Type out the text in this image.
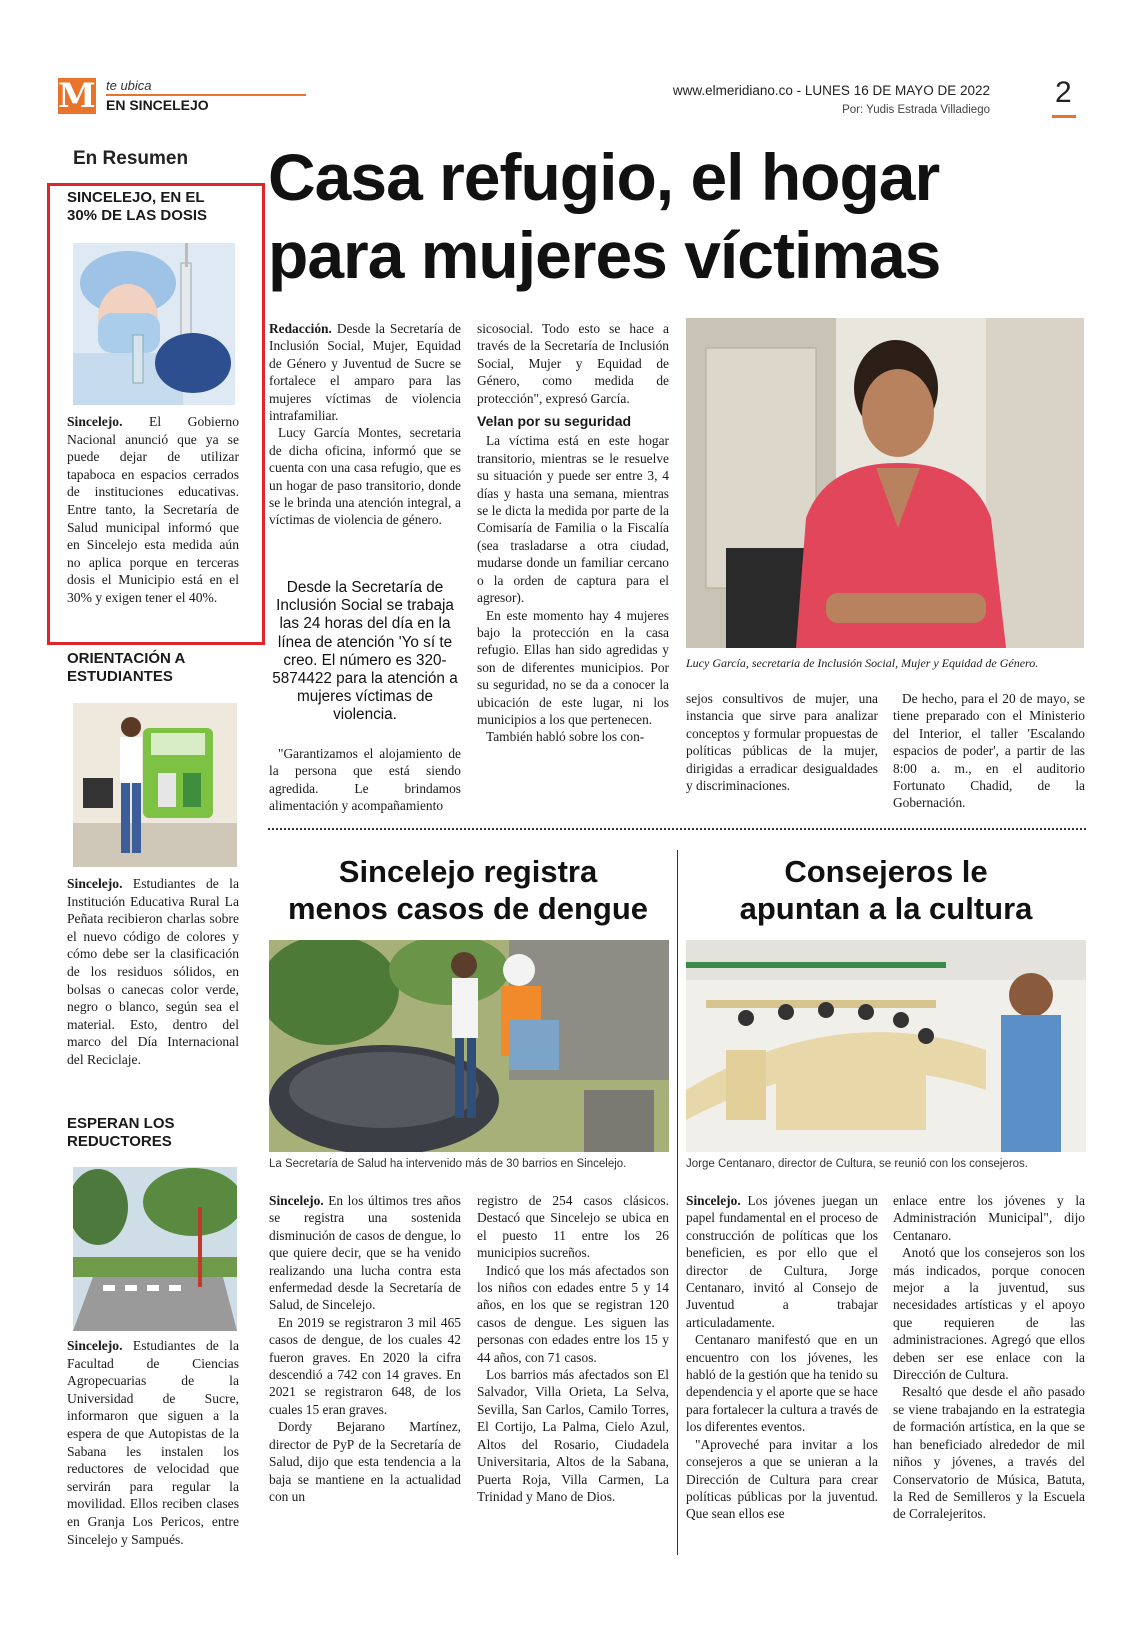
M te ubica
EN SINCELEJO
www.elmeridiano.co - LUNES 16 DE MAYO DE 2022
Por: Yudis Estrada Villadiego
2
En Resumen
SINCELEJO, EN EL 30% DE LAS DOSIS
Sincelejo. El Gobierno Nacional anunció que ya se puede dejar de utilizar tapaboca en espacios cerrados de instituciones educativas. Entre tanto, la Secretaría de Salud municipal informó que en Sincelejo esta medida aún no aplica porque en terceras dosis el Municipio está en el 30% y exigen tener el 40%.
ORIENTACIÓN A ESTUDIANTES
Sincelejo. Estudiantes de la Institución Educativa Rural La Peñata recibieron charlas sobre el nuevo código de colores y cómo debe ser la clasificación de los residuos sólidos, en bolsas o canecas color verde, negro o blanco, según sea el material. Esto, dentro del marco del Día Internacional del Reciclaje.
ESPERAN LOS REDUCTORES
Sincelejo. Estudiantes de la Facultad de Ciencias Agropecuarias de la Universidad de Sucre, informaron que siguen a la espera de que Autopistas de la Sabana les instalen los reductores de velocidad que servirán para regular la movilidad. Ellos reciben clases en Granja Los Pericos, entre Sincelejo y Sampués.
Casa refugio, el hogar
para mujeres víctimas

Redacción. Desde la Secretaría de Inclusión Social, Mujer, Equidad de Género y Juventud de Sucre se fortalece el amparo para las mujeres víctimas de violencia intrafamiliar.

Lucy García Montes, secretaria de dicha oficina, informó que se cuenta con una casa refugio, que es un hogar de paso transitorio, donde se le brinda una atención integral, a víctimas de violencia de género.

Desde la Secretaría de Inclusión Social se trabaja las 24 horas del día en la línea de atención 'Yo sí te creo. El número es 320-5874422 para la atención a mujeres víctimas de violencia.

"Garantizamos el alojamiento de la persona que está siendo agredida. Le brindamos alimentación y acompañamiento

sicosocial. Todo esto se hace a través de la Secretaría de Inclusión Social, Mujer y Equidad de Género, como medida de protección", expresó García.

Velan por su seguridad

La víctima está en este hogar transitorio, mientras se le resuelve su situación y puede ser entre 3, 4 días y hasta una semana, mientras se le dicta la medida por parte de la Comisaría de Familia o la Fiscalía (sea trasladarse a otra ciudad, mudarse donde un familiar cercano o la orden de captura para el agresor).

En este momento hay 4 mujeres bajo la protección en la casa refugio. Ellas han sido agredidas y son de diferentes municipios. Por su seguridad, no se da a conocer la ubicación de este lugar, ni los municipios a los que pertenecen.

También habló sobre los con-

Lucy García, secretaria de Inclusión Social, Mujer y Equidad de Género.

sejos consultivos de mujer, una instancia que sirve para analizar conceptos y formular propuestas de políticas públicas de la mujer, dirigidas a erradicar desigualdades y discriminaciones.

De hecho, para el 20 de mayo, se tiene preparado con el Ministerio del Interior, el taller 'Escalando espacios de poder', a partir de las 8:00 a. m., en el auditorio Fortunato Chadid, de la Gobernación.

Sincelejo registra
menos casos de dengue
La Secretaría de Salud ha intervenido más de 30 barrios en Sincelejo.

Sincelejo. En los últimos tres años se registra una sostenida disminución de casos de dengue, lo que quiere decir, que se ha venido realizando una lucha contra esta enfermedad desde la Secretaría de Salud, de Sincelejo.

En 2019 se registraron 3 mil 465 casos de dengue, de los cuales 42 fueron graves. En 2020 la cifra descendió a 742 con 14 graves. En 2021 se registraron 648, de los cuales 15 eran graves.

Dordy Bejarano Martínez, director de PyP de la Secretaría de Salud, dijo que esta tendencia a la baja se mantiene en la actualidad con un

registro de 254 casos clásicos. Destacó que Sincelejo se ubica en el puesto 11 entre los 26 municipios sucreños.

Indicó que los más afectados son los niños con edades entre 5 y 14 años, en los que se registran 120 casos de dengue. Les siguen las personas con edades entre los 15 y 44 años, con 71 casos.

Los barrios más afectados son El Salvador, Villa Orieta, La Selva, Sevilla, San Carlos, Camilo Torres, El Cortijo, La Palma, Cielo Azul, Altos del Rosario, Ciudadela Universitaria, Altos de la Sabana, Puerta Roja, Villa Carmen, La Trinidad y Mano de Dios.

Consejeros le
apuntan a la cultura
Jorge Centanaro, director de Cultura, se reunió con los consejeros.

Sincelejo. Los jóvenes juegan un papel fundamental en el proceso de construcción de políticas que los beneficien, es por ello que el director de Cultura, Jorge Centanaro, invitó al Consejo de Juventud a trabajar articuladamente.

Centanaro manifestó que en un encuentro con los jóvenes, les habló de la gestión que ha tenido su dependencia y el aporte que se hace para fortalecer la cultura a través de los diferentes eventos.

"Aproveché para invitar a los consejeros a que se unieran a la Dirección de Cultura para crear políticas públicas por la juventud. Que sean ellos ese

enlace entre los jóvenes y la Administración Municipal", dijo Centanaro.

Anotó que los consejeros son los más indicados, porque conocen mejor a la juventud, sus necesidades artísticas y el apoyo que requieren de las administraciones. Agregó que ellos deben ser ese enlace con la Dirección de Cultura.

Resaltó que desde el año pasado se viene trabajando en la estrategia de formación artística, en la que se han beneficiado alrededor de mil niños y jóvenes, a través del Conservatorio de Música, Batuta, la Red de Semilleros y la Escuela de Corralejeritos.
